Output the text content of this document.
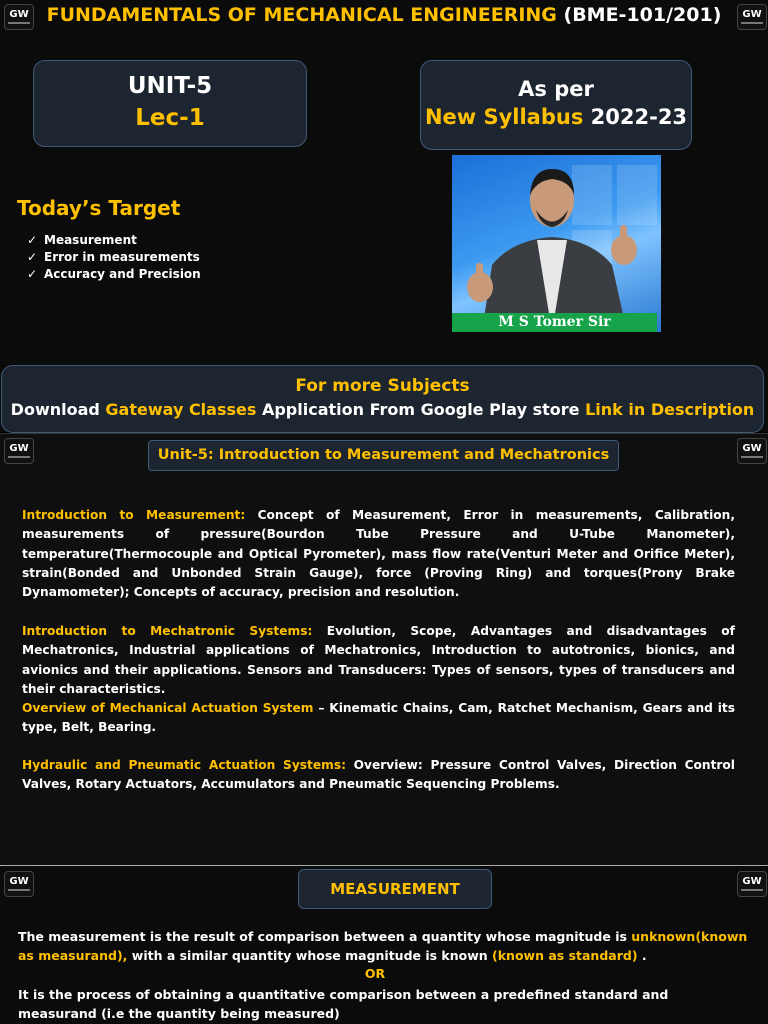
GW	GW
FUNDAMENTALS OF MECHANICAL ENGINEERING (BME-101/201)
UNIT-5
Lec-1
As per
New Syllabus 2022-23
M S Tomer Sir
Today’s Target
✓ Measurement
✓ Error in measurements
✓ Accuracy and Precision
For more Subjects
Download Gateway Classes Application From Google Play store Link in Description
GW	GW
Unit-5: Introduction to Measurement and Mechatronics
Introduction to Measurement: Concept of Measurement, Error in measurements, Calibration, measurements of pressure(Bourdon Tube Pressure and U-Tube Manometer), temperature(Thermocouple and Optical Pyrometer), mass flow rate(Venturi Meter and Orifice Meter), strain(Bonded and Unbonded Strain Gauge), force (Proving Ring) and torques(Prony Brake Dynamometer); Concepts of accuracy, precision and resolution.
Introduction to Mechatronic Systems: Evolution, Scope, Advantages and disadvantages of Mechatronics, Industrial applications of Mechatronics, Introduction to autotronics, bionics, and avionics and their applications. Sensors and Transducers: Types of sensors, types of transducers and their characteristics.
Overview of Mechanical Actuation System – Kinematic Chains, Cam, Ratchet Mechanism, Gears and its type, Belt, Bearing.
Hydraulic and Pneumatic Actuation Systems: Overview: Pressure Control Valves, Direction Control Valves, Rotary Actuators, Accumulators and Pneumatic Sequencing Problems.
GW	GW
MEASUREMENT
The measurement is the result of comparison between a quantity whose magnitude is unknown(known as measurand), with a similar quantity whose magnitude is known (known as standard) .
OR
It is the process of obtaining a quantitative comparison between a predefined standard and measurand (i.e the quantity being measured)
